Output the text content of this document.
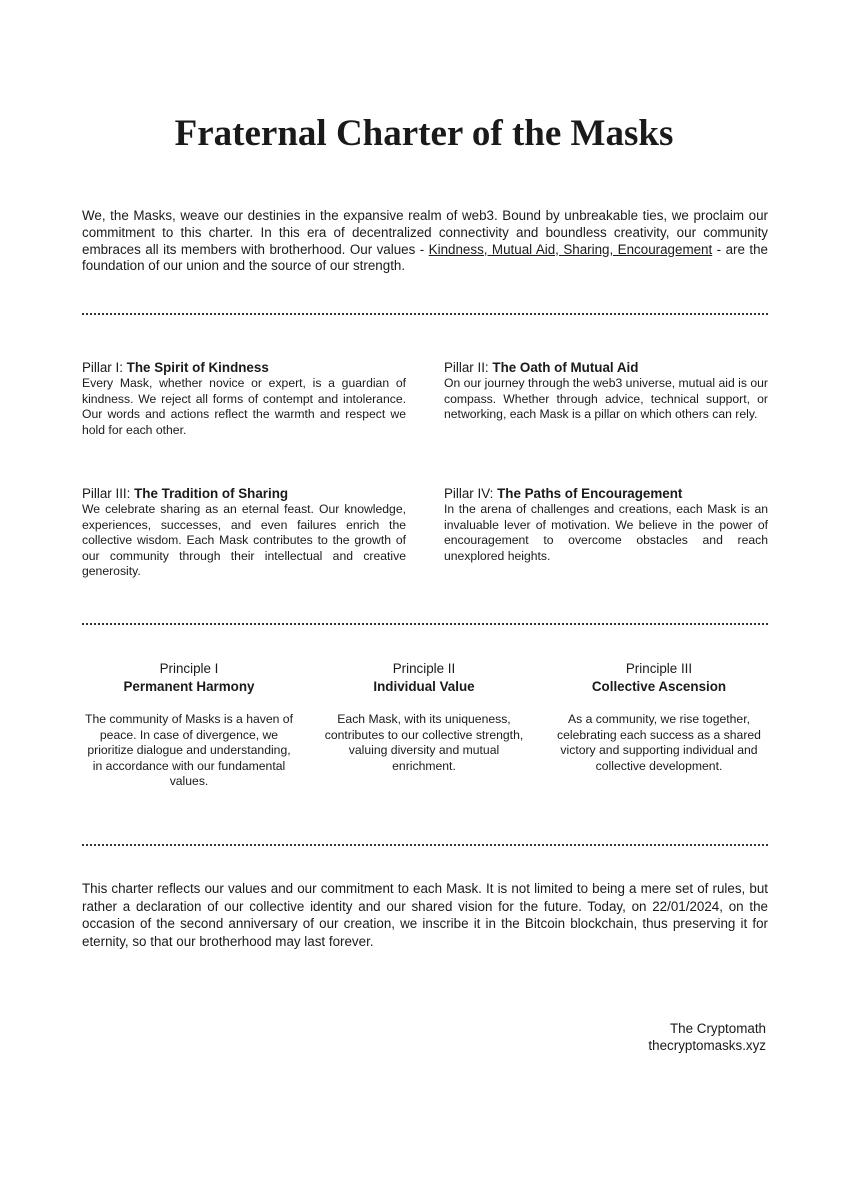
Fraternal Charter of the Masks

We, the Masks, weave our destinies in the expansive realm of web3. Bound by unbreakable ties, we proclaim our commitment to this charter. In this era of decentralized connectivity and boundless creativity, our community embraces all its members with brotherhood. Our values - Kindness, Mutual Aid, Sharing, Encouragement - are the foundation of our union and the source of our strength.

Pillar I: The Spirit of Kindness

Every Mask, whether novice or expert, is a guardian of kindness. We reject all forms of contempt and intolerance. Our words and actions reflect the warmth and respect we hold for each other.

Pillar II: The Oath of Mutual Aid

On our journey through the web3 universe, mutual aid is our compass. Whether through advice, technical support, or networking, each Mask is a pillar on which others can rely.

Pillar III: The Tradition of Sharing

We celebrate sharing as an eternal feast. Our knowledge, experiences, successes, and even failures enrich the collective wisdom. Each Mask contributes to the growth of our community through their intellectual and creative generosity.

Pillar IV: The Paths of Encouragement

In the arena of challenges and creations, each Mask is an invaluable lever of motivation. We believe in the power of encouragement to overcome obstacles and reach unexplored heights.

Principle I
Permanent Harmony
The community of Masks is a haven of peace. In case of divergence, we prioritize dialogue and understanding, in accordance with our fundamental values.
Principle II
Individual Value
Each Mask, with its uniqueness, contributes to our collective strength, valuing diversity and mutual enrichment.
Principle III
Collective Ascension
As a community, we rise together, celebrating each success as a shared victory and supporting individual and collective development.

This charter reflects our values and our commitment to each Mask. It is not limited to being a mere set of rules, but rather a declaration of our collective identity and our shared vision for the future. Today, on 22/01/2024, on the occasion of the second anniversary of our creation, we inscribe it in the Bitcoin blockchain, thus preserving it for eternity, so that our brotherhood may last forever.

The Cryptomath
thecryptomasks.xyz
